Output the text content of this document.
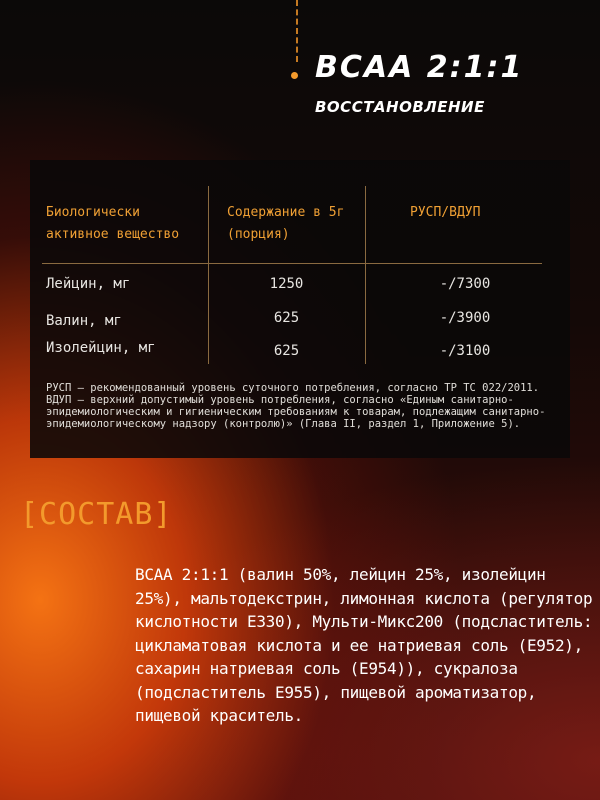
BCAA 2:1:1
ВОССТАНОВЛЕНИЕ
Биологически
активное вещество
Содержание в 5г
(порция)
РУСП/ВДУП
Лейцин, мг	1250	-/7300
Валин, мг	625	-/3900
Изолейцин, мг	625	-/3100

РУСП – рекомендованный уровень суточного потребления, согласно ТР ТС 022/2011.

ВДУП – верхний допустимый уровень потребления, согласно «Единым санитарно-эпидемиологическим и гигиеническим требованиям к товарам, подлежащим санитарно-эпидемиологическому надзору (контролю)» (Глава II, раздел 1, Приложение 5).

[СОСТАВ]
ВСАА 2:1:1 (валин 50%, лейцин 25%, изолейцин 25%), мальтодекстрин, лимонная кислота (регулятор кислотности Е330), Мульти-Микс200 (подсластитель: цикламатовая кислота и ее натриевая соль (Е952), сахарин натриевая соль (Е954)), сукралоза (подсластитель Е955), пищевой ароматизатор, пищевой краситель.
